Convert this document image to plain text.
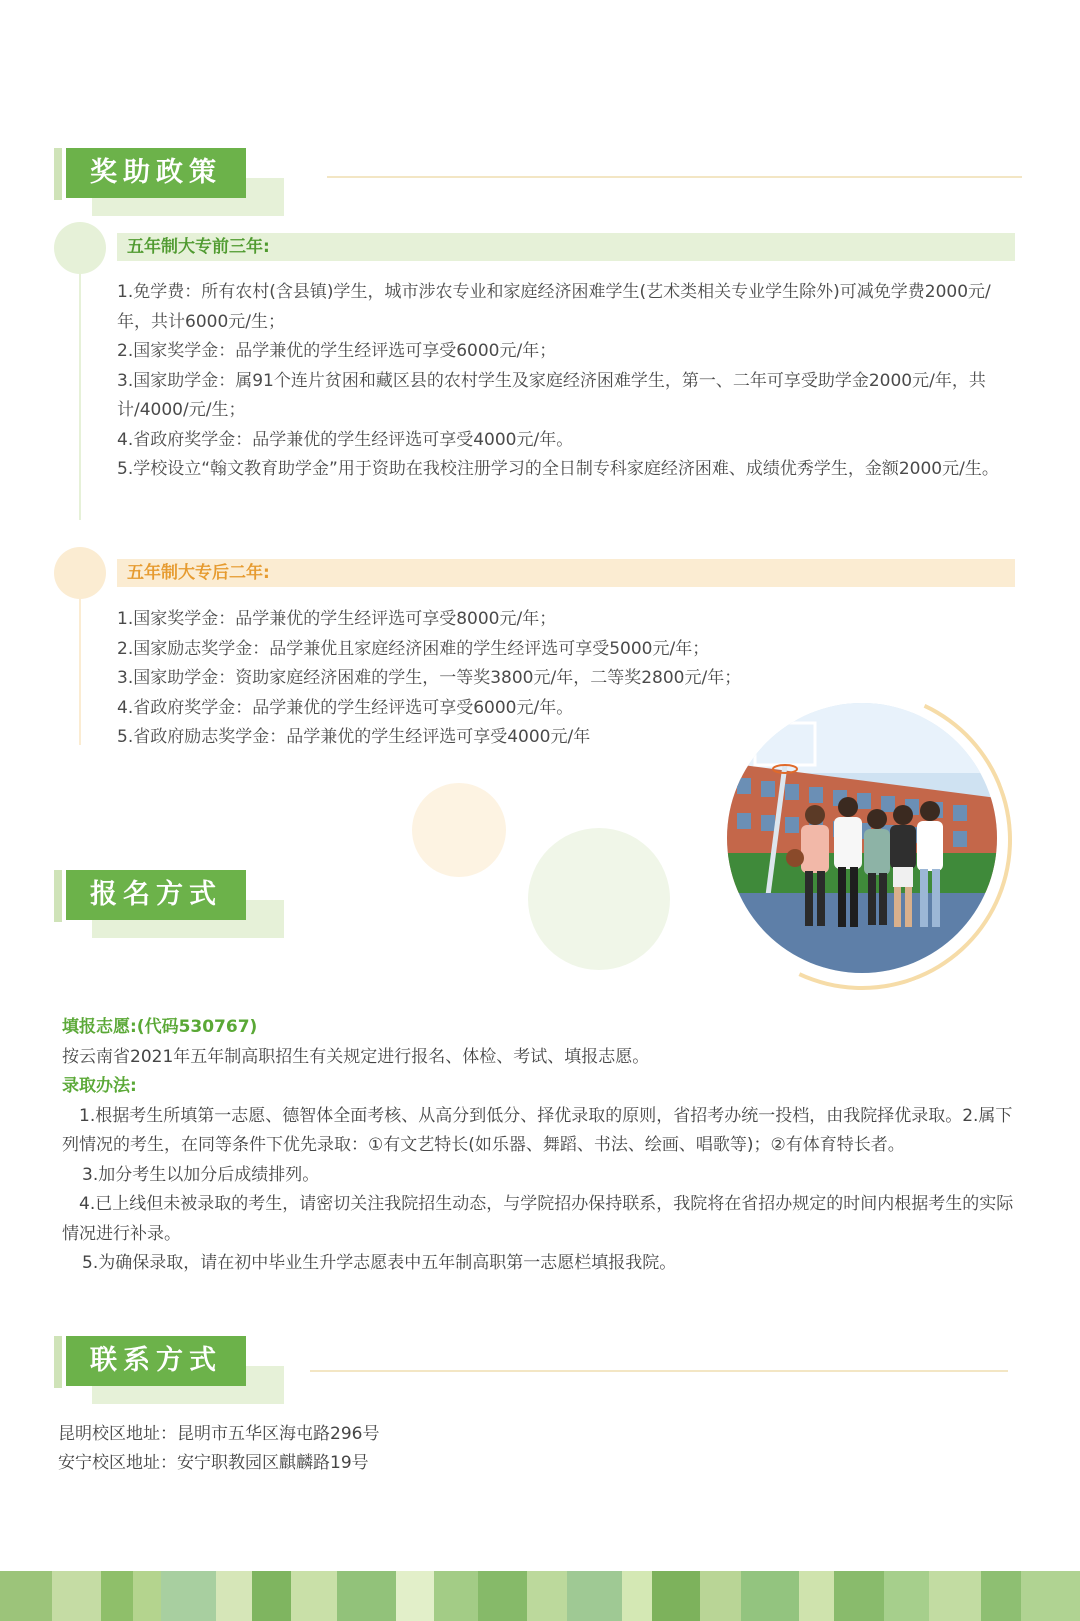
奖助政策
五年制大专前三年:

1.免学费：所有农村(含县镇)学生，城市涉农专业和家庭经济困难学生(艺术类相关专业学生除外)可减免学费2000元/年，共计6000元/生；

2.国家奖学金：品学兼优的学生经评选可享受6000元/年；

3.国家助学金：属91个连片贫困和藏区县的农村学生及家庭经济困难学生，第一、二年可享受助学金2000元/年，共计/4000/元/生；

4.省政府奖学金：品学兼优的学生经评选可享受4000元/年。

5.学校设立“翰文教育助学金”用于资助在我校注册学习的全日制专科家庭经济困难、成绩优秀学生，金额2000元/生。

五年制大专后二年:

1.国家奖学金：品学兼优的学生经评选可享受8000元/年；

2.国家励志奖学金：品学兼优且家庭经济困难的学生经评选可享受5000元/年；

3.国家助学金：资助家庭经济困难的学生，一等奖3800元/年，二等奖2800元/年；

4.省政府奖学金：品学兼优的学生经评选可享受6000元/年。

5.省政府励志奖学金：品学兼优的学生经评选可享受4000元/年

报名方式

填报志愿:(代码530767)

按云南省2021年五年制高职招生有关规定进行报名、体检、考试、填报志愿。

录取办法:

1.根据考生所填第一志愿、德智体全面考核、从高分到低分、择优录取的原则，省招考办统一投档，由我院择优录取。2.属下列情况的考生，在同等条件下优先录取：①有文艺特长(如乐器、舞蹈、书法、绘画、唱歌等)；②有体育特长者。

3.加分考生以加分后成绩排列。

4.已上线但未被录取的考生，请密切关注我院招生动态，与学院招办保持联系，我院将在省招办规定的时间内根据考生的实际情况进行补录。

5.为确保录取，请在初中毕业生升学志愿表中五年制高职第一志愿栏填报我院。

联系方式

昆明校区地址：昆明市五华区海屯路296号

安宁校区地址：安宁职教园区麒麟路19号
